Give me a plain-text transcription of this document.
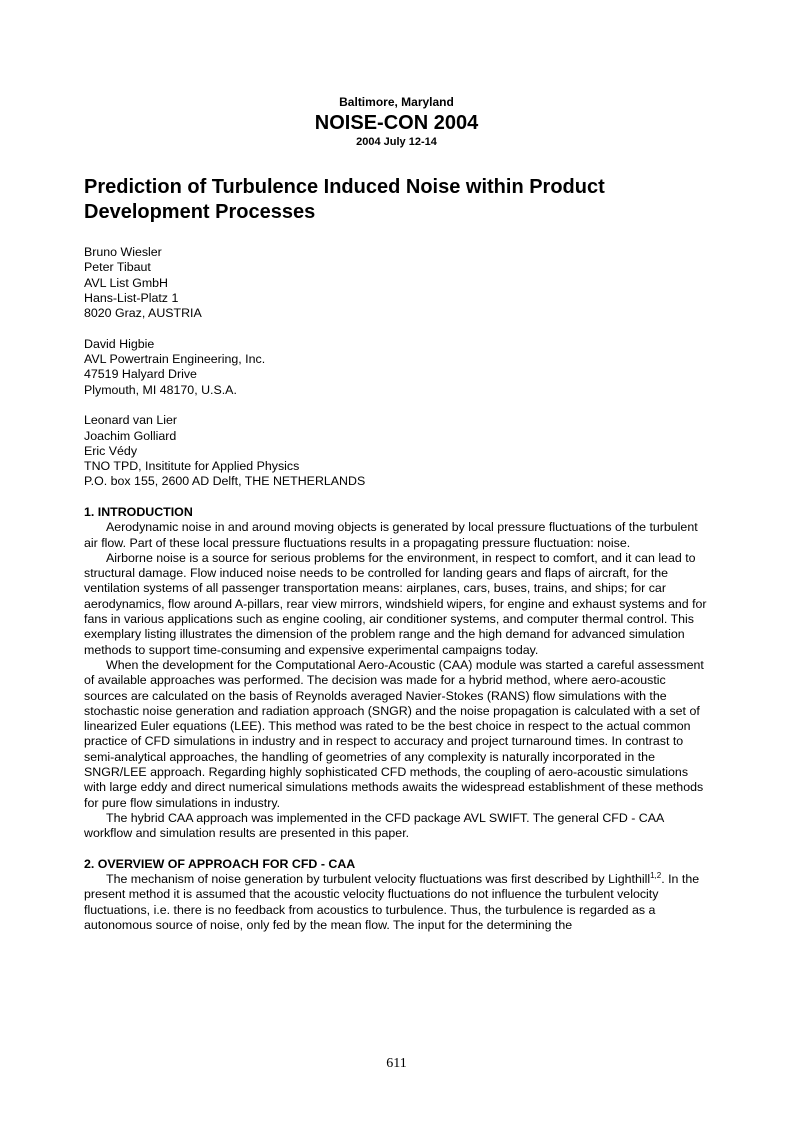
Baltimore, Maryland
NOISE-CON 2004
2004 July 12-14
Prediction of Turbulence Induced Noise within Product Development Processes
Bruno Wiesler
Peter Tibaut
AVL List GmbH
Hans-List-Platz 1
8020 Graz, AUSTRIA
David Higbie
AVL Powertrain Engineering, Inc.
47519 Halyard Drive
Plymouth, MI 48170, U.S.A.
Leonard van Lier
Joachim Golliard
Eric Védy
TNO TPD, Insititute for Applied Physics
P.O. box 155, 2600 AD Delft, THE NETHERLANDS
1. INTRODUCTION

Aerodynamic noise in and around moving objects is generated by local pressure fluctuations of the turbulent air flow. Part of these local pressure fluctuations results in a propagating pressure fluctuation: noise.

Airborne noise is a source for serious problems for the environment, in respect to comfort, and it can lead to structural damage. Flow induced noise needs to be controlled for landing gears and flaps of aircraft, for the ventilation systems of all passenger transportation means: airplanes, cars, buses, trains, and ships; for car aerodynamics, flow around A-pillars, rear view mirrors, windshield wipers, for engine and exhaust systems and for fans in various applications such as engine cooling, air conditioner systems, and computer thermal control. This exemplary listing illustrates the dimension of the problem range and the high demand for advanced simulation methods to support time-consuming and expensive experimental campaigns today.

When the development for the Computational Aero-Acoustic (CAA) module was started a careful assessment of available approaches was performed. The decision was made for a hybrid method, where aero-acoustic sources are calculated on the basis of Reynolds averaged Navier-Stokes (RANS) flow simulations with the stochastic noise generation and radiation approach (SNGR) and the noise propagation is calculated with a set of linearized Euler equations (LEE). This method was rated to be the best choice in respect to the actual common practice of CFD simulations in industry and in respect to accuracy and project turnaround times. In contrast to semi-analytical approaches, the handling of geometries of any complexity is naturally incorporated in the SNGR/LEE approach. Regarding highly sophisticated CFD methods, the coupling of aero-acoustic simulations with large eddy and direct numerical simulations methods awaits the widespread establishment of these methods for pure flow simulations in industry.

The hybrid CAA approach was implemented in the CFD package AVL SWIFT. The general CFD - CAA workflow and simulation results are presented in this paper.

2. OVERVIEW OF APPROACH FOR CFD - CAA

The mechanism of noise generation by turbulent velocity fluctuations was first described by Lighthill$^{1,2}$. In the present method it is assumed that the acoustic velocity fluctuations do not influence the turbulent velocity fluctuations, i.e. there is no feedback from acoustics to turbulence. Thus, the turbulence is regarded as a autonomous source of noise, only fed by the mean flow. The input for the determining the

611
